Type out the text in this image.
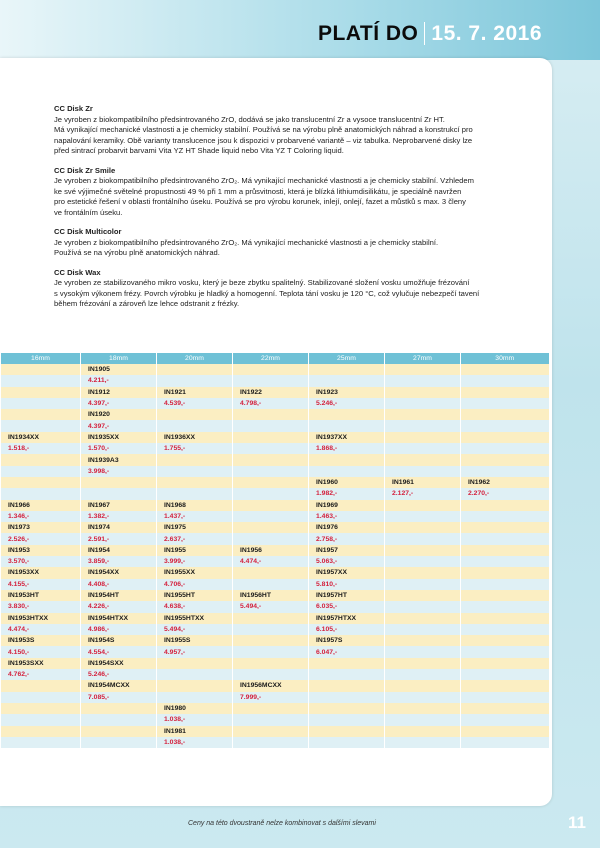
PLATÍ DO 15. 7. 2016
CC Disk Zr
Je vyroben z biokompatibilního předsintrovaného ZrO, dodává se jako translucentní Zr a vysoce translucentní Zr HT.
Má vynikající mechanické vlastnosti a je chemicky stabilní. Používá se na výrobu plně anatomických náhrad a konstrukcí pro
napalování keramiky. Obě varianty translucence jsou k dispozici v probarvené variantě – viz tabulka. Neprobarvené disky lze
před sintrací probarvit barvami Vita YZ HT Shade liquid nebo Vita YZ T Coloring liquid.
CC Disk Zr Smile
Je vyroben z biokompatibilního předsintrovaného ZrO₂. Má vynikající mechanické vlastnosti a je chemicky stabilní. Vzhledem
ke své výjimečné světelné propustnosti 49 % při 1 mm a průsvitnosti, která je blízká lithiumdisilikátu, je speciálně navržen
pro estetické řešení v oblasti frontálního úseku. Používá se pro výrobu korunek, inlejí, onlejí, fazet a můstků s max. 3 členy
ve frontálním úseku.
CC Disk Multicolor
Je vyroben z biokompatibilního předsintrovaného ZrO₂. Má vynikající mechanické vlastnosti a je chemicky stabilní.
Používá se na výrobu plně anatomických náhrad.
CC Disk Wax
Je vyroben ze stabilizovaného mikro vosku, který je beze zbytku spalitelný. Stabilizované složení vosku umožňuje frézování
s vysokým výkonem frézy. Povrch výrobku je hladký a homogenní. Teplota tání vosku je 120 °C, což vylučuje nebezpečí tavení
během frézování a zároveň lze lehce odstranit z frézky.
16mm	18mm	20mm	22mm	25mm	27mm	30mm
	IN1905					
	4.211,-					
	IN1912	IN1921	IN1922	IN1923		
	4.397,-	4.539,-	4.798,-	5.246,-		
	IN1920					
	4.397,-					
IN1934XX	IN1935XX	IN1936XX		IN1937XX		
1.518,-	1.570,-	1.755,-		1.868,-		
	IN1939A3					
	3.998,-					
				IN1960	IN1961	IN1962
				1.982,-	2.127,-	2.270,-
IN1966	IN1967	IN1968		IN1969		
1.346,-	1.382,-	1.437,-		1.463,-		
IN1973	IN1974	IN1975		IN1976		
2.526,-	2.591,-	2.637,-		2.758,-		
IN1953	IN1954	IN1955	IN1956	IN1957		
3.570,-	3.859,-	3.999,-	4.474,-	5.063,-		
IN1953XX	IN1954XX	IN1955XX		IN1957XX		
4.155,-	4.408,-	4.706,-		5.810,-		
IN1953HT	IN1954HT	IN1955HT	IN1956HT	IN1957HT		
3.830,-	4.226,-	4.638,-	5.494,-	6.035,-		
IN1953HTXX	IN1954HTXX	IN1955HTXX		IN1957HTXX		
4.474,-	4.986,-	5.494,-		6.105,-		
IN1953S	IN1954S	IN1955S		IN1957S		
4.150,-	4.554,-	4.957,-		6.047,-		
IN1953SXX	IN1954SXX					
4.762,-	5.246,-					
	IN1954MCXX		IN1956MCXX			
	7.085,-		7.999,-			
		IN1980				
		1.038,-				
		IN1981				
		1.038,-				
Ceny na této dvoustraně nelze kombinovat s dalšími slevami	11
